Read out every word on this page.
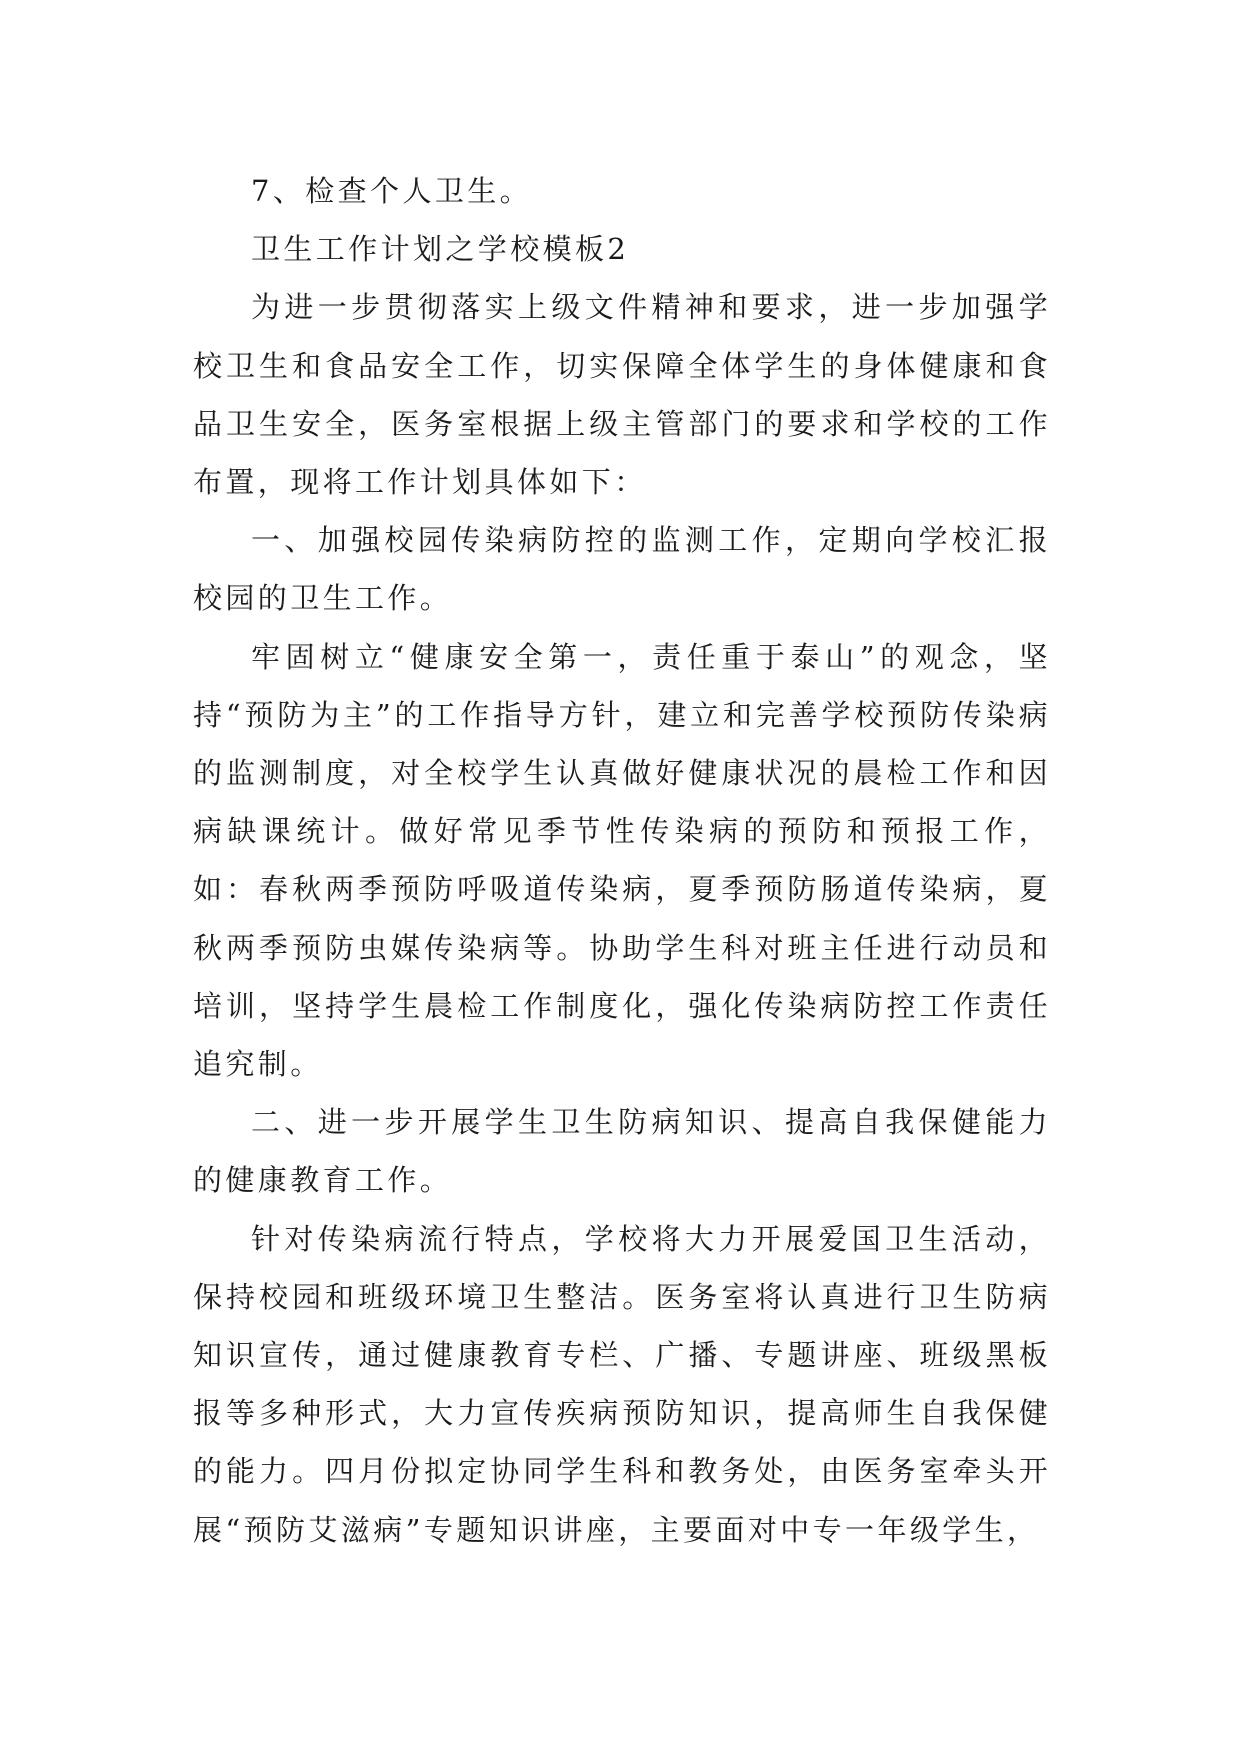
7、检查个人卫生。

卫生工作计划之学校模板2

为进一步贯彻落实上级文件精神和要求，进一步加强学校卫生和食品安全工作，切实保障全体学生的身体健康和食品卫生安全，医务室根据上级主管部门的要求和学校的工作布置，现将工作计划具体如下：

一、加强校园传染病防控的监测工作，定期向学校汇报校园的卫生工作。

牢固树立“健康安全第一，责任重于泰山”的观念，坚持“预防为主”的工作指导方针，建立和完善学校预防传染病的监测制度，对全校学生认真做好健康状况的晨检工作和因病缺课统计。做好常见季节性传染病的预防和预报工作，如：春秋两季预防呼吸道传染病，夏季预防肠道传染病，夏秋两季预防虫媒传染病等。协助学生科对班主任进行动员和培训，坚持学生晨检工作制度化，强化传染病防控工作责任追究制。

二、进一步开展学生卫生防病知识、提高自我保健能力的健康教育工作。

针对传染病流行特点，学校将大力开展爱国卫生活动，保持校园和班级环境卫生整洁。医务室将认真进行卫生防病知识宣传，通过健康教育专栏、广播、专题讲座、班级黑板报等多种形式，大力宣传疾病预防知识，提高师生自我保健的能力。四月份拟定协同学生科和教务处，由医务室牵头开展“预防艾滋病”专题知识讲座，主要面对中专一年级学生，
